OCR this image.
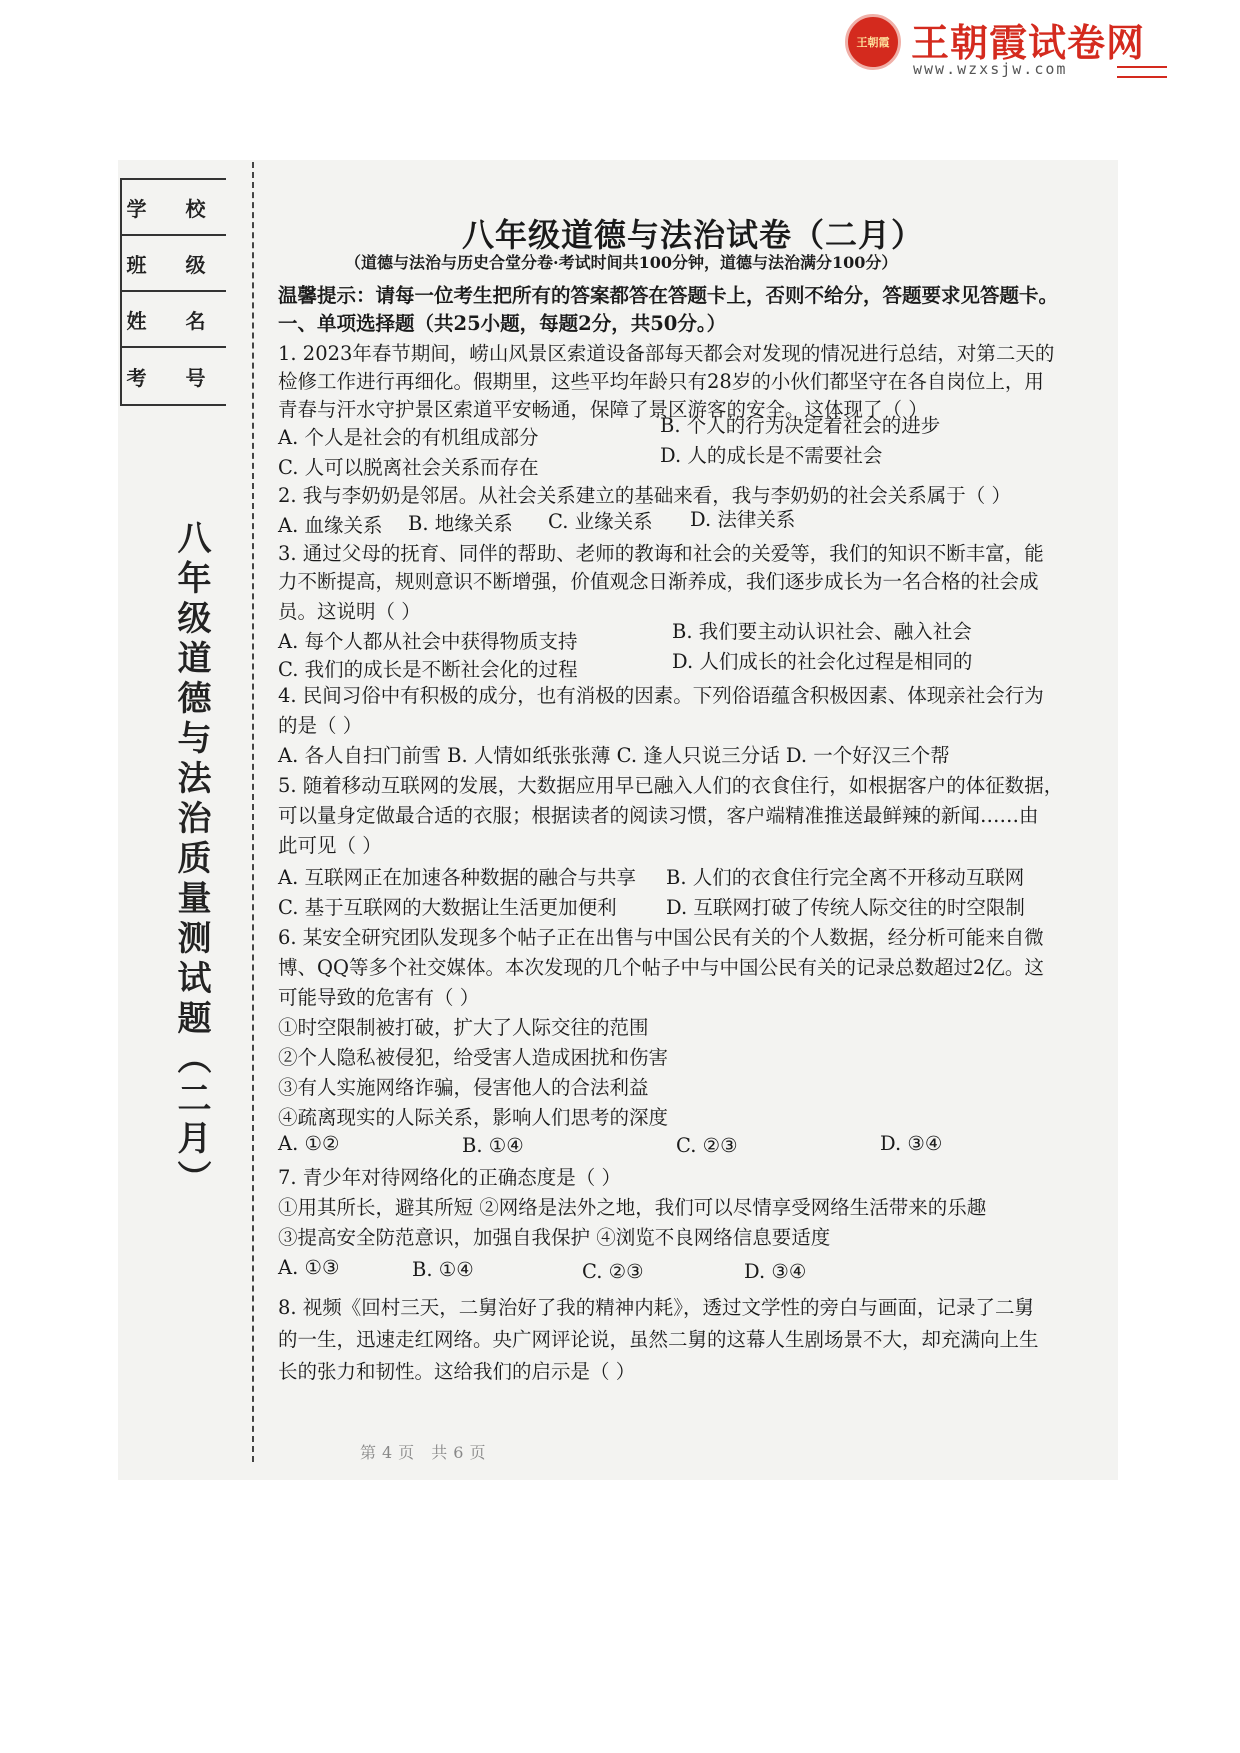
王朝霞 王朝霞试卷网
www.wzxsjw.com
学 校
班 级
姓 名
考 号
八年级道德与法治质量测试题（二月）
八年级道德与法治试卷（二月）
（道德与法治与历史合堂分卷·考试时间共100分钟，道德与法治满分100分）
温馨提示：请每一位考生把所有的答案都答在答题卡上，否则不给分，答题要求见答题卡。
一、单项选择题（共25小题，每题2分，共50分。）
1. 2023年春节期间，崂山风景区索道设备部每天都会对发现的情况进行总结，对第二天的
检修工作进行再细化。假期里，这些平均年龄只有28岁的小伙们都坚守在各自岗位上，用
青春与汗水守护景区索道平安畅通，保障了景区游客的安全。这体现了（ ）
A. 个人是社会的有机组成部分
B. 个人的行为决定着社会的进步
C. 人可以脱离社会关系而存在
D. 人的成长是不需要社会
2. 我与李奶奶是邻居。从社会关系建立的基础来看，我与李奶奶的社会关系属于（ ）
A. 血缘关系 B. 地缘关系 C. 业缘关系 D. 法律关系
3. 通过父母的抚育、同伴的帮助、老师的教诲和社会的关爱等，我们的知识不断丰富，能
力不断提高，规则意识不断增强，价值观念日渐养成，我们逐步成长为一名合格的社会成
员。这说明（ ）
A. 每个人都从社会中获得物质支持	B. 我们要主动认识社会、融入社会
C. 我们的成长是不断社会化的过程	D. 人们成长的社会化过程是相同的
4. 民间习俗中有积极的成分，也有消极的因素。下列俗语蕴含积极因素、体现亲社会行为
的是（ ）
A. 各人自扫门前雪 B. 人情如纸张张薄 C. 逢人只说三分话 D. 一个好汉三个帮
5. 随着移动互联网的发展，大数据应用早已融入人们的衣食住行，如根据客户的体征数据，
可以量身定做最合适的衣服；根据读者的阅读习惯，客户端精准推送最鲜辣的新闻……由
此可见（ ）
A. 互联网正在加速各种数据的融合与共享 B. 人们的衣食住行完全离不开移动互联网
C. 基于互联网的大数据让生活更加便利	D. 互联网打破了传统人际交往的时空限制
6. 某安全研究团队发现多个帖子正在出售与中国公民有关的个人数据，经分析可能来自微
博、QQ等多个社交媒体。本次发现的几个帖子中与中国公民有关的记录总数超过2亿。这
可能导致的危害有（ ）
①时空限制被打破，扩大了人际交往的范围
②个人隐私被侵犯，给受害人造成困扰和伤害
③有人实施网络诈骗，侵害他人的合法利益
④疏离现实的人际关系，影响人们思考的深度
A. ①②	B. ①④	C. ②③	D. ③④
7. 青少年对待网络化的正确态度是（ ）
①用其所长，避其所短 ②网络是法外之地，我们可以尽情享受网络生活带来的乐趣
③提高安全防范意识，加强自我保护 ④浏览不良网络信息要适度
A. ①③	B. ①④	C. ②③	D. ③④
8. 视频《回村三天，二舅治好了我的精神内耗》，透过文学性的旁白与画面，记录了二舅
的一生，迅速走红网络。央广网评论说，虽然二舅的这幕人生剧场景不大，却充满向上生
长的张力和韧性。这给我们的启示是（ ）
第4页 共6页
